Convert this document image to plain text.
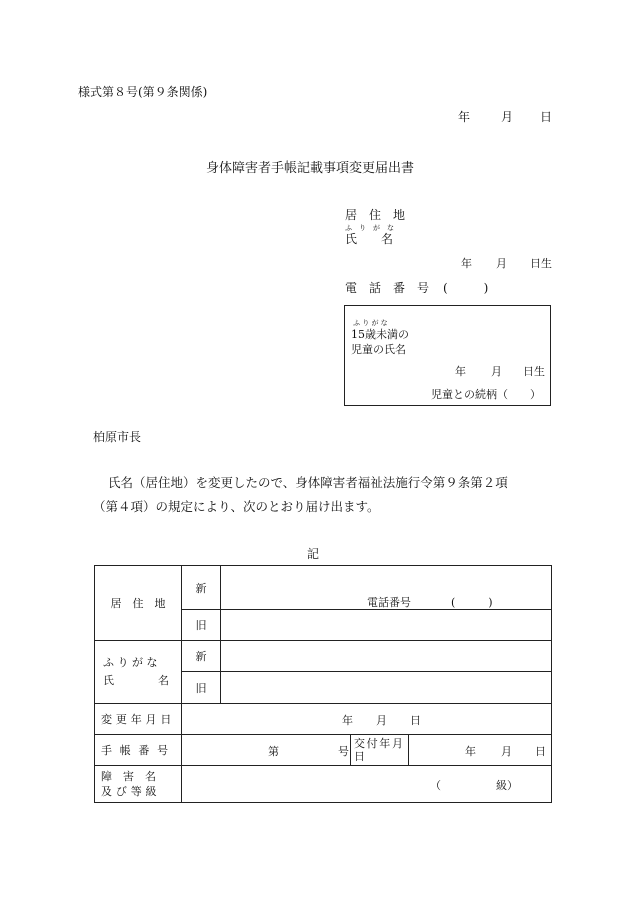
様式第８号(第９条関係)
年	月 日
身体障害者手帳記載事項変更届出書
居　住　地
ふ　り　が　な
氏　　名
年 月 日生
電　話　番　号 (　　　)
ふ り が な
15歳未満の
児童の氏名
年 月 日生
児童との続柄（　　）
柏原市長
氏名（居住地）を変更したので、身体障害者福祉法施行令第９条第２項
（第４項）の規定により、次のとおり届け出ます。
記
居　住　地	新	電話番号 (　　　)		

	旧			

ふ り が な
氏　　　　名	新			
	旧			
変更年月日	年 月 日			

手帳番号	第 号		交付年月日	年 月 日

障　害　名
及び等級	（　　　　　級）			
